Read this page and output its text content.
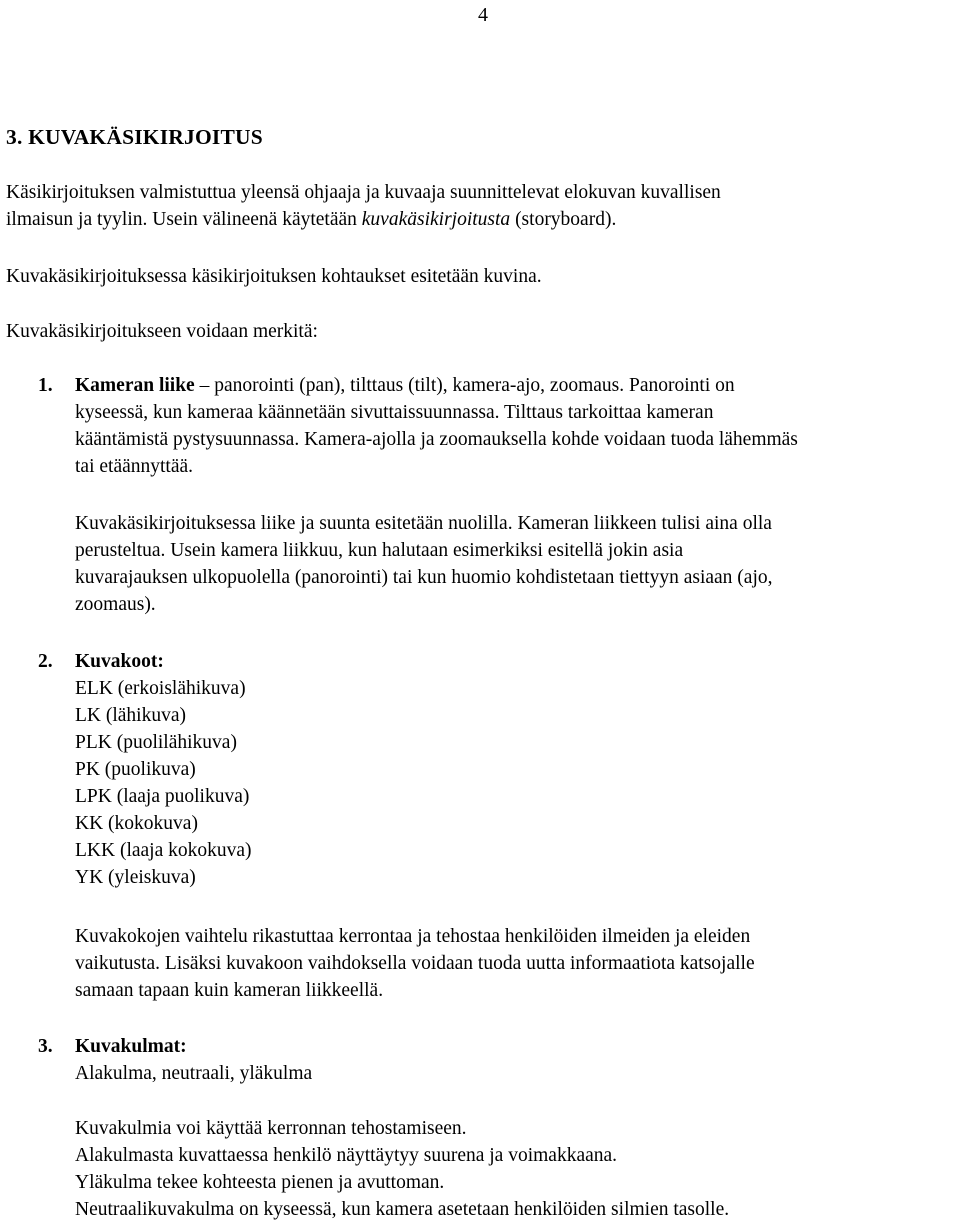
4
3. KUVAKÄSIKIRJOITUS
Käsikirjoituksen valmistuttua yleensä ohjaaja ja kuvaaja suunnittelevat elokuvan kuvallisen
ilmaisun ja tyylin. Usein välineenä käytetään kuvakäsikirjoitusta (storyboard).
Kuvakäsikirjoituksessa käsikirjoituksen kohtaukset esitetään kuvina.
Kuvakäsikirjoitukseen voidaan merkitä:
1. Kameran liike – panorointi (pan), tilttaus (tilt), kamera-ajo, zoomaus. Panorointi on
kyseessä, kun kameraa käännetään sivuttaissuunnassa. Tilttaus tarkoittaa kameran
kääntämistä pystysuunnassa. Kamera-ajolla ja zoomauksella kohde voidaan tuoda lähemmäs
tai etäännyttää.
Kuvakäsikirjoituksessa liike ja suunta esitetään nuolilla. Kameran liikkeen tulisi aina olla
perusteltua. Usein kamera liikkuu, kun halutaan esimerkiksi esitellä jokin asia
kuvarajauksen ulkopuolella (panorointi) tai kun huomio kohdistetaan tiettyyn asiaan (ajo,
zoomaus).
2. Kuvakoot:
ELK (erkoislähikuva)
LK (lähikuva)
PLK (puolilähikuva)
PK (puolikuva)
LPK (laaja puolikuva)
KK (kokokuva)
LKK (laaja kokokuva)
YK (yleiskuva)
Kuvakokojen vaihtelu rikastuttaa kerrontaa ja tehostaa henkilöiden ilmeiden ja eleiden
vaikutusta. Lisäksi kuvakoon vaihdoksella voidaan tuoda uutta informaatiota katsojalle
samaan tapaan kuin kameran liikkeellä.
3. Kuvakulmat:
Alakulma, neutraali, yläkulma
Kuvakulmia voi käyttää kerronnan tehostamiseen.
Alakulmasta kuvattaessa henkilö näyttäytyy suurena ja voimakkaana.
Yläkulma tekee kohteesta pienen ja avuttoman.
Neutraalikuvakulma on kyseessä, kun kamera asetetaan henkilöiden silmien tasolle.
